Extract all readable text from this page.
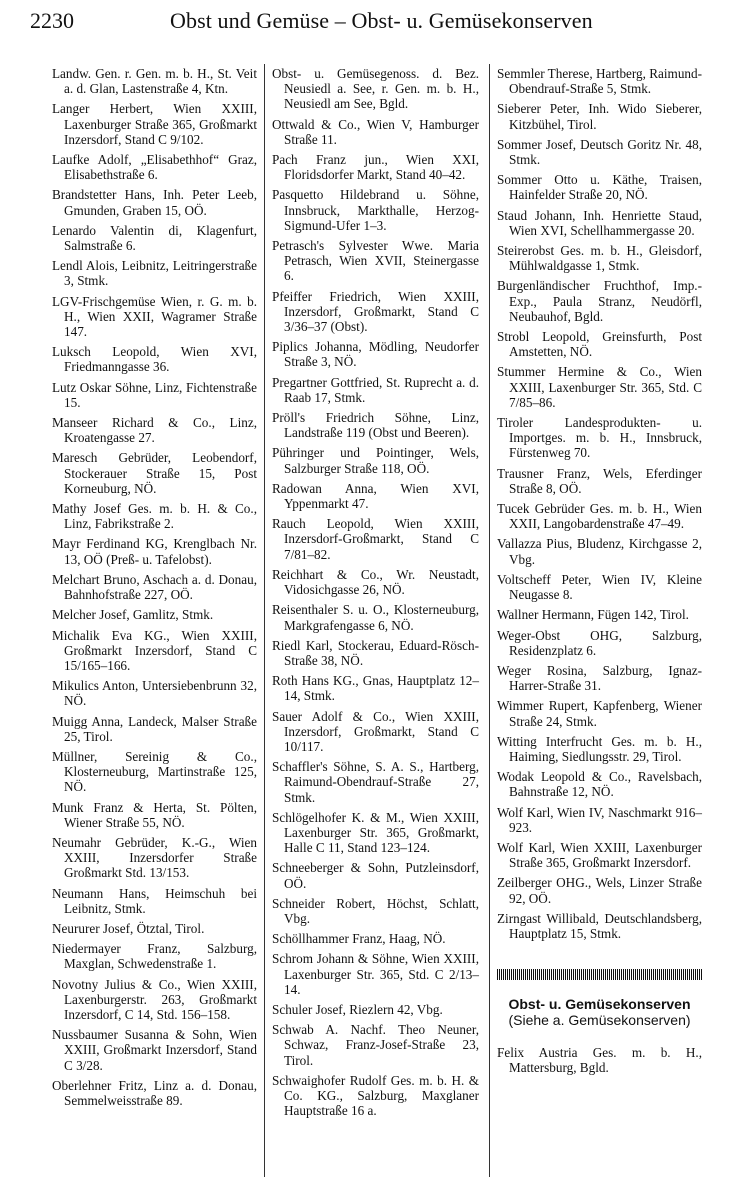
2230	Obst und Gemüse – Obst- u. Gemüsekonserven
Landw. Gen. r. Gen. m. b. H., St. Veit a. d. Glan, Lastenstraße 4, Ktn.
Langer Herbert, Wien XXIII, Laxenburger Straße 365, Großmarkt Inzersdorf, Stand C 9/102.
Laufke Adolf, „Elisabethhof“ Graz, Elisabethstraße 6.
Brandstetter Hans, Inh. Peter Leeb, Gmunden, Graben 15, OÖ.
Lenardo Valentin di, Klagenfurt, Salmstraße 6.
Lendl Alois, Leibnitz, Leitringerstraße 3, Stmk.
LGV-Frischgemüse Wien, r. G. m. b. H., Wien XXII, Wagramer Straße 147.
Luksch Leopold, Wien XVI, Friedmanngasse 36.
Lutz Oskar Söhne, Linz, Fichtenstraße 15.
Manseer Richard & Co., Linz, Kroatengasse 27.
Maresch Gebrüder, Leobendorf, Stockerauer Straße 15, Post Korneuburg, NÖ.
Mathy Josef Ges. m. b. H. & Co., Linz, Fabrikstraße 2.
Mayr Ferdinand KG, Krenglbach Nr. 13, OÖ (Preß- u. Tafelobst).
Melchart Bruno, Aschach a. d. Donau, Bahnhofstraße 227, OÖ.
Melcher Josef, Gamlitz, Stmk.
Michalik Eva KG., Wien XXIII, Großmarkt Inzersdorf, Stand C 15/165–166.
Mikulics Anton, Untersiebenbrunn 32, NÖ.
Muigg Anna, Landeck, Malser Straße 25, Tirol.
Müllner, Sereinig & Co., Klosterneuburg, Martinstraße 125, NÖ.
Munk Franz & Herta, St. Pölten, Wiener Straße 55, NÖ.
Neumahr Gebrüder, K.-G., Wien XXIII, Inzersdorfer Straße Großmarkt Std. 13/153.
Neumann Hans, Heimschuh bei Leibnitz, Stmk.
Neururer Josef, Ötztal, Tirol.
Niedermayer Franz, Salzburg, Maxglan, Schwedenstraße 1.
Novotny Julius & Co., Wien XXIII, Laxenburgerstr. 263, Großmarkt Inzersdorf, C 14, Std. 156–158.
Nussbaumer Susanna & Sohn, Wien XXIII, Großmarkt Inzersdorf, Stand C 3/28.
Oberlehner Fritz, Linz a. d. Donau, Semmelweisstraße 89.
Obst- u. Gemüsegenoss. d. Bez. Neusiedl a. See, r. Gen. m. b. H., Neusiedl am See, Bgld.
Ottwald & Co., Wien V, Hamburger Straße 11.
Pach Franz jun., Wien XXI, Floridsdorfer Markt, Stand 40–42.
Pasquetto Hildebrand u. Söhne, Innsbruck, Markthalle, Herzog-Sigmund-Ufer 1–3.
Petrasch's Sylvester Wwe. Maria Petrasch, Wien XVII, Steinergasse 6.
Pfeiffer Friedrich, Wien XXIII, Inzersdorf, Großmarkt, Stand C 3/36–37 (Obst).
Piplics Johanna, Mödling, Neudorfer Straße 3, NÖ.
Pregartner Gottfried, St. Ruprecht a. d. Raab 17, Stmk.
Pröll's Friedrich Söhne, Linz, Landstraße 119 (Obst und Beeren).
Pühringer und Pointinger, Wels, Salzburger Straße 118, OÖ.
Radowan Anna, Wien XVI, Yppenmarkt 47.
Rauch Leopold, Wien XXIII, Inzersdorf-Großmarkt, Stand C 7/81–82.
Reichhart & Co., Wr. Neustadt, Vidosichgasse 26, NÖ.
Reisenthaler S. u. O., Klosterneuburg, Markgrafengasse 6, NÖ.
Riedl Karl, Stockerau, Eduard-Rösch-Straße 38, NÖ.
Roth Hans KG., Gnas, Hauptplatz 12–14, Stmk.
Sauer Adolf & Co., Wien XXIII, Inzersdorf, Großmarkt, Stand C 10/117.
Schaffler's Söhne, S. A. S., Hartberg, Raimund-Obendrauf-Straße 27, Stmk.
Schlögelhofer K. & M., Wien XXIII, Laxenburger Str. 365, Großmarkt, Halle C 11, Stand 123–124.
Schneeberger & Sohn, Putzleinsdorf, OÖ.
Schneider Robert, Höchst, Schlatt, Vbg.
Schöllhammer Franz, Haag, NÖ.
Schrom Johann & Söhne, Wien XXIII, Laxenburger Str. 365, Std. C 2/13–14.
Schuler Josef, Riezlern 42, Vbg.
Schwab A. Nachf. Theo Neuner, Schwaz, Franz-Josef-Straße 23, Tirol.
Schwaighofer Rudolf Ges. m. b. H. & Co. KG., Salzburg, Maxglaner Hauptstraße 16 a.
Semmler Therese, Hartberg, Raimund-Obendrauf-Straße 5, Stmk.
Sieberer Peter, Inh. Wido Sieberer, Kitzbühel, Tirol.
Sommer Josef, Deutsch Goritz Nr. 48, Stmk.
Sommer Otto u. Käthe, Traisen, Hainfelder Straße 20, NÖ.
Staud Johann, Inh. Henriette Staud, Wien XVI, Schellhammergasse 20.
Steirerobst Ges. m. b. H., Gleisdorf, Mühlwaldgasse 1, Stmk.
Burgenländischer Fruchthof, Imp.-Exp., Paula Stranz, Neudörfl, Neubauhof, Bgld.
Strobl Leopold, Greinsfurth, Post Amstetten, NÖ.
Stummer Hermine & Co., Wien XXIII, Laxenburger Str. 365, Std. C 7/85–86.
Tiroler Landesprodukten- u. Importges. m. b. H., Innsbruck, Fürstenweg 70.
Trausner Franz, Wels, Eferdinger Straße 8, OÖ.
Tucek Gebrüder Ges. m. b. H., Wien XXII, Langobardenstraße 47–49.
Vallazza Pius, Bludenz, Kirchgasse 2, Vbg.
Voltscheff Peter, Wien IV, Kleine Neugasse 8.
Wallner Hermann, Fügen 142, Tirol.
Weger-Obst OHG, Salzburg, Residenzplatz 6.
Weger Rosina, Salzburg, Ignaz-Harrer-Straße 31.
Wimmer Rupert, Kapfenberg, Wiener Straße 24, Stmk.
Witting Interfrucht Ges. m. b. H., Haiming, Siedlungsstr. 29, Tirol.
Wodak Leopold & Co., Ravelsbach, Bahnstraße 12, NÖ.
Wolf Karl, Wien IV, Naschmarkt 916–923.
Wolf Karl, Wien XXIII, Laxenburger Straße 365, Großmarkt Inzersdorf.
Zeilberger OHG., Wels, Linzer Straße 92, OÖ.
Zirngast Willibald, Deutschlandsberg, Hauptplatz 15, Stmk.
Obst- u. Gemüsekonserven
(Siehe a. Gemüsekonserven)
Felix Austria Ges. m. b. H., Mattersburg, Bgld.
